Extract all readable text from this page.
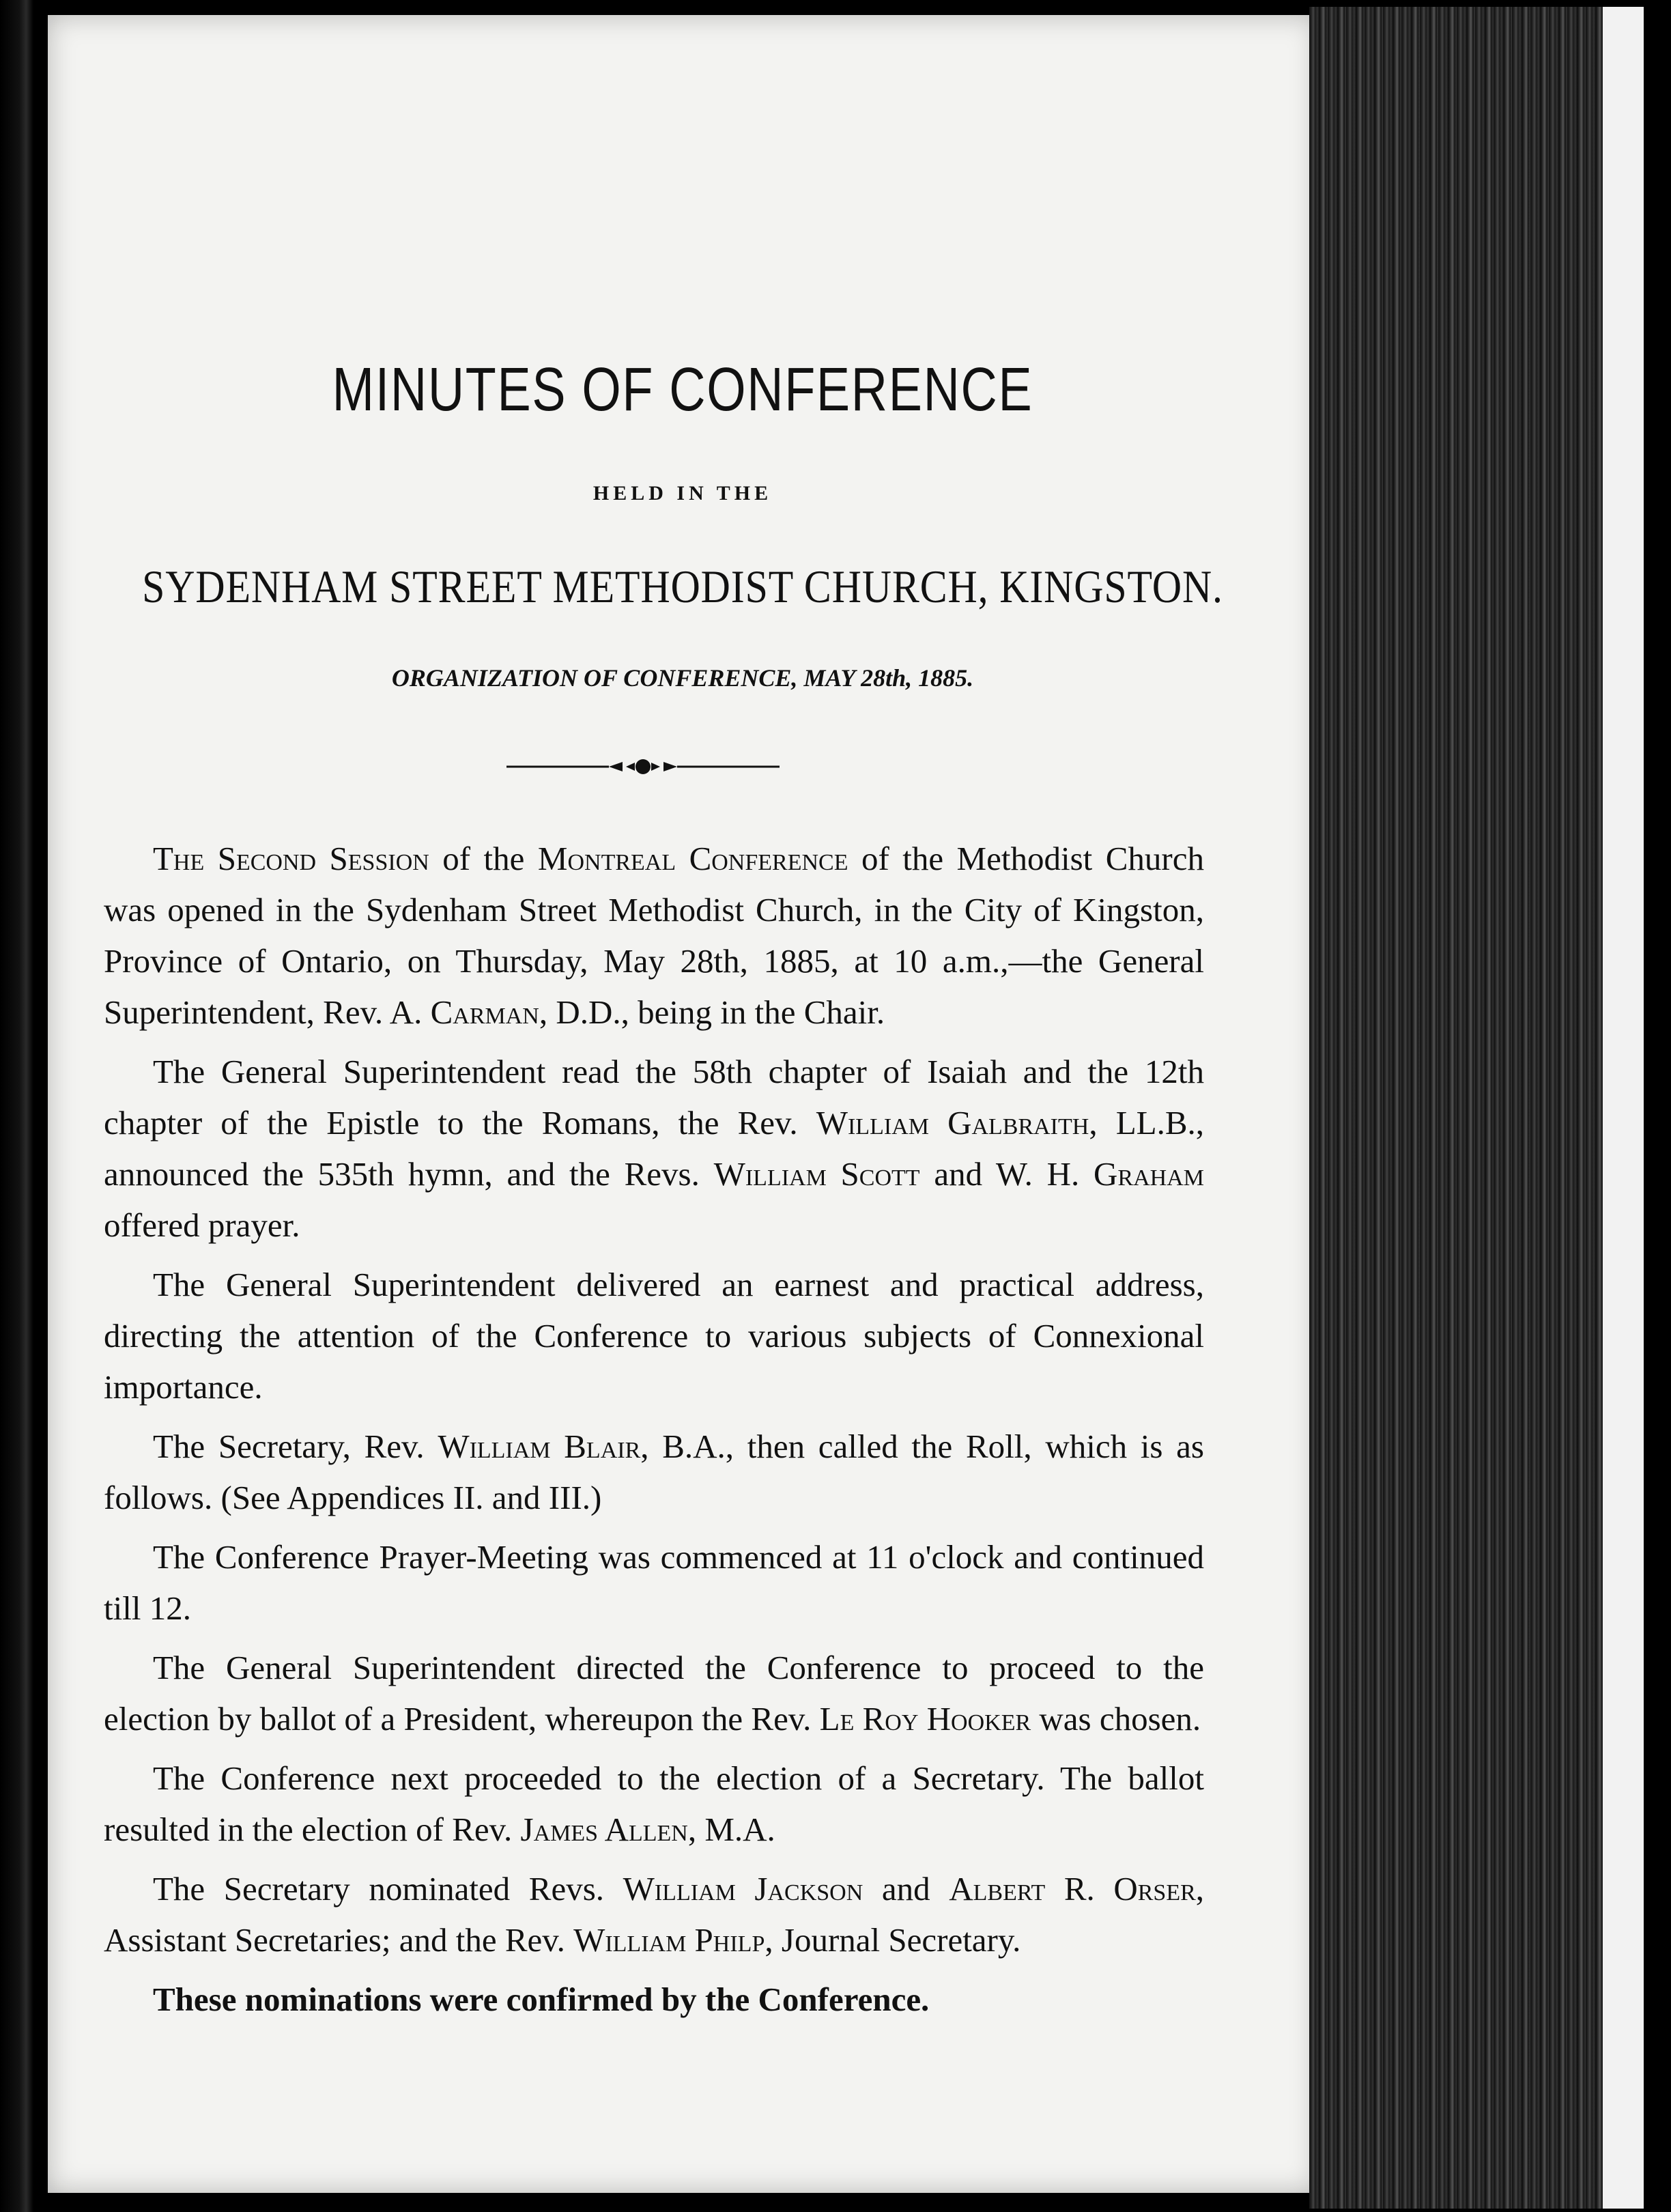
MINUTES OF CONFERENCE
HELD IN THE
SYDENHAM STREET METHODIST CHURCH, KINGSTON.
ORGANIZATION OF CONFERENCE, MAY 28th, 1885.

The Second Session of the Montreal Conference of the Methodist Church was opened in the Sydenham Street Methodist Church, in the City of Kingston, Province of Ontario, on Thursday, May 28th, 1885, at 10 a.m.,—the General Superintendent, Rev. A. Carman, D.D., being in the Chair.

The General Superintendent read the 58th chapter of Isaiah and the 12th chapter of the Epistle to the Romans, the Rev. William Galbraith, LL.B., announced the 535th hymn, and the Revs. William Scott and W. H. Graham offered prayer.

The General Superintendent delivered an earnest and practical address, directing the attention of the Conference to various subjects of Connexional importance.

The Secretary, Rev. William Blair, B.A., then called the Roll, which is as follows. (See Appendices II. and III.)

The Conference Prayer-Meeting was commenced at 11 o'clock and continued till 12.

The General Superintendent directed the Conference to proceed to the election by ballot of a President, whereupon the Rev. Le Roy Hooker was chosen.

The Conference next proceeded to the election of a Secretary. The ballot resulted in the election of Rev. James Allen, M.A.

The Secretary nominated Revs. William Jackson and Albert R. Orser, Assistant Secretaries; and the Rev. William Philp, Journal Secretary.

These nominations were confirmed by the Conference.
